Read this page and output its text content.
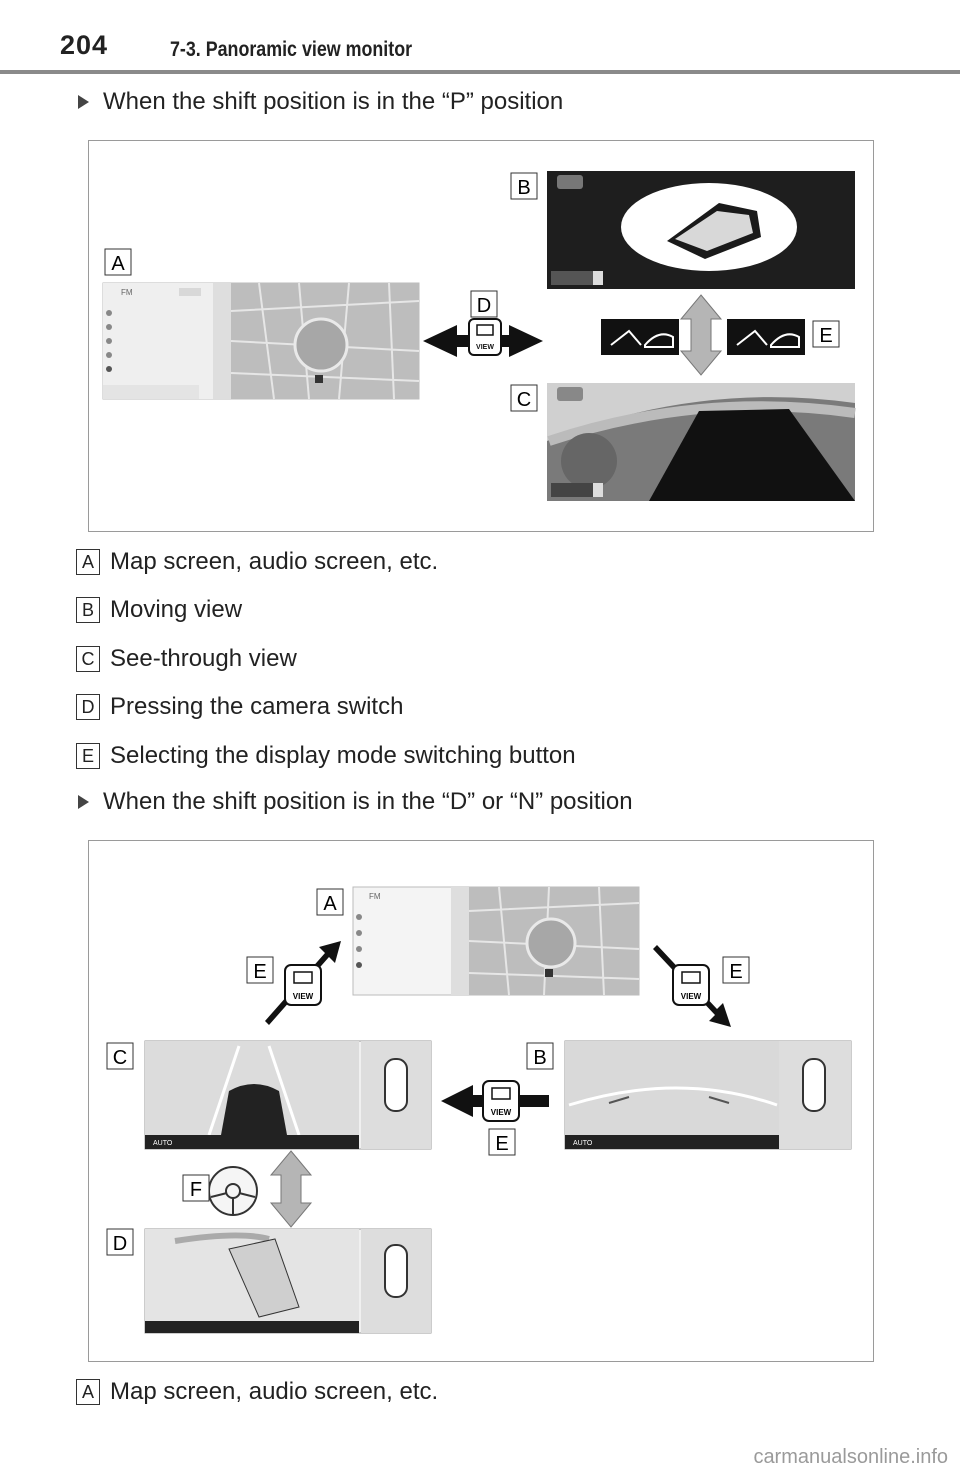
204	7-3. Panoramic view monitor
When the shift position is in the “P” position
FM
VIEW
A
B
D
E
C
A Map screen, audio screen, etc.
B Moving view
C See-through view
D Pressing the camera switch
E Selecting the display mode switching button
When the shift position is in the “D” or “N” position
FM
VIEW	VIEW
AUTO	AUTO
VIEW
A
E	E
C	B
E
F
D
A Map screen, audio screen, etc.
carmanualsonline.info
